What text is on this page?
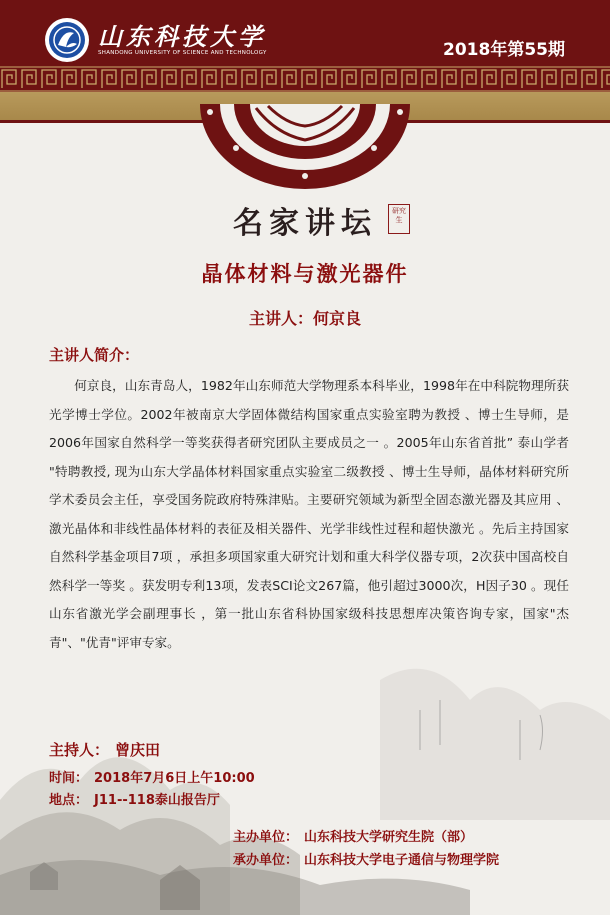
山东科技大学
SHANDONG UNIVERSITY OF SCIENCE AND TECHNOLOGY	2018年第55期
名家讲坛	研究生
晶体材料与激光器件
主讲人：何京良
主讲人简介：

何京良，山东青岛人，1982年山东师范大学物理系本科毕业，1998年在中科院物理所获光学博士学位。2002年被南京大学固体微结构国家重点实验室聘为教授 、博士生导师，是2006年国家自然科学一等奖获得者研究团队主要成员之一 。2005年山东省首批” 泰山学者 "特聘教授, 现为山东大学晶体材料国家重点实验室二级教授 、博士生导师，晶体材料研究所学术委员会主任，享受国务院政府特殊津贴。主要研究领域为新型全固态激光器及其应用 、激光晶体和非线性晶体材料的表征及相关器件、光学非线性过程和超快激光 。先后主持国家自然科学基金项目7项 ，承担多项国家重大研究计划和重大科学仪器专项，2次获中国高校自然科学一等奖 。获发明专利13项，发表SCI论文267篇，他引超过3000次，H因子30 。现任山东省激光学会副理事长 ，第一批山东省科协国家级科技思想库决策咨询专家，国家"杰青"、"优青"评审专家。

主持人： 曾庆田
时间： 2018年7月6日上午10:00
地点： J11--118泰山报告厅
主办单位： 山东科技大学研究生院（部）
承办单位： 山东科技大学电子通信与物理学院
